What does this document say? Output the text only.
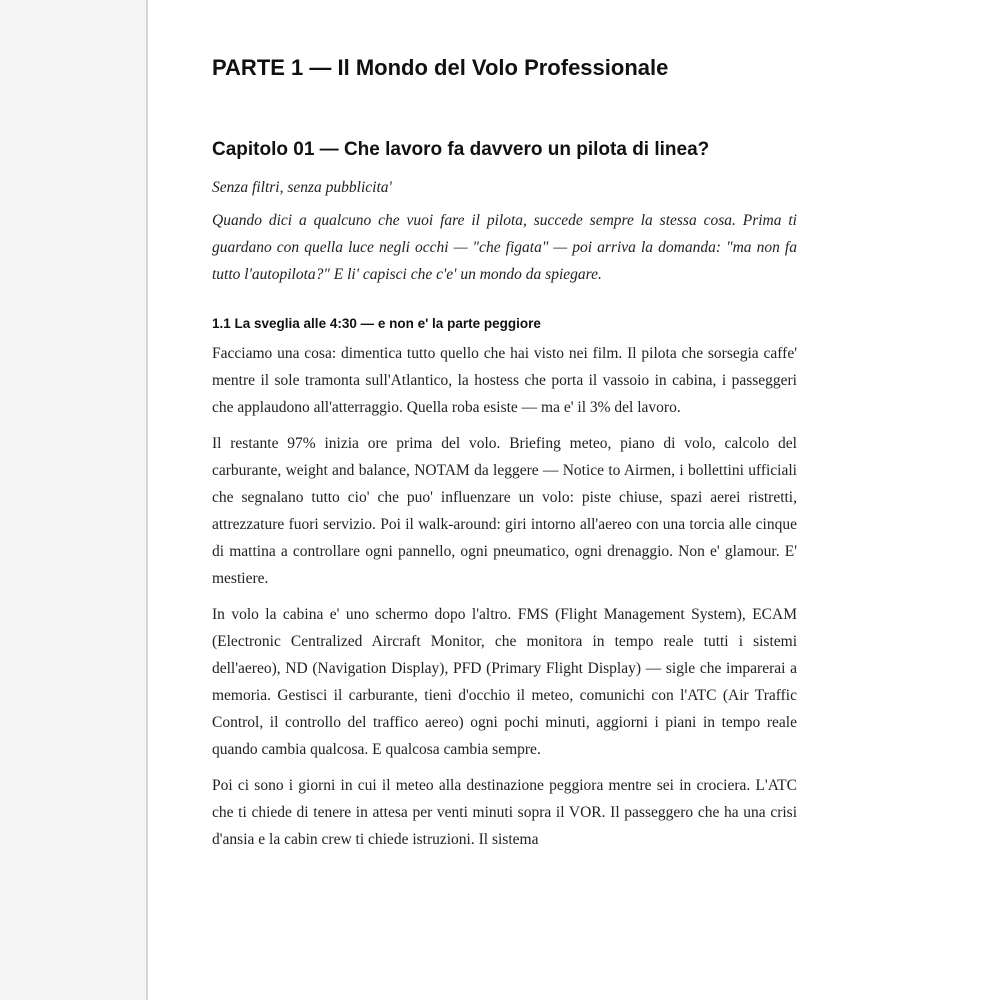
PARTE 1 — Il Mondo del Volo Professionale
Capitolo 01 — Che lavoro fa davvero un pilota di linea?

Senza filtri, senza pubblicita'

Quando dici a qualcuno che vuoi fare il pilota, succede sempre la stessa cosa. Prima ti guardano con quella luce negli occhi — "che figata" — poi arriva la domanda: "ma non fa tutto l'autopilota?" E li' capisci che c'e' un mondo da spiegare.

1.1 La sveglia alle 4:30 — e non e' la parte peggiore

Facciamo una cosa: dimentica tutto quello che hai visto nei film. Il pilota che sorsegia caffe' mentre il sole tramonta sull'Atlantico, la hostess che porta il vassoio in cabina, i passeggeri che applaudono all'atterraggio. Quella roba esiste — ma e' il 3% del lavoro.

Il restante 97% inizia ore prima del volo. Briefing meteo, piano di volo, calcolo del carburante, weight and balance, NOTAM da leggere — Notice to Airmen, i bollettini ufficiali che segnalano tutto cio' che puo' influenzare un volo: piste chiuse, spazi aerei ristretti, attrezzature fuori servizio. Poi il walk-around: giri intorno all'aereo con una torcia alle cinque di mattina a controllare ogni pannello, ogni pneumatico, ogni drenaggio. Non e' glamour. E' mestiere.

In volo la cabina e' uno schermo dopo l'altro. FMS (Flight Management System), ECAM (Electronic Centralized Aircraft Monitor, che monitora in tempo reale tutti i sistemi dell'aereo), ND (Navigation Display), PFD (Primary Flight Display) — sigle che imparerai a memoria. Gestisci il carburante, tieni d'occhio il meteo, comunichi con l'ATC (Air Traffic Control, il controllo del traffico aereo) ogni pochi minuti, aggiorni i piani in tempo reale quando cambia qualcosa. E qualcosa cambia sempre.

Poi ci sono i giorni in cui il meteo alla destinazione peggiora mentre sei in crociera. L'ATC che ti chiede di tenere in attesa per venti minuti sopra il VOR. Il passeggero che ha una crisi d'ansia e la cabin crew ti chiede istruzioni. Il sistema
